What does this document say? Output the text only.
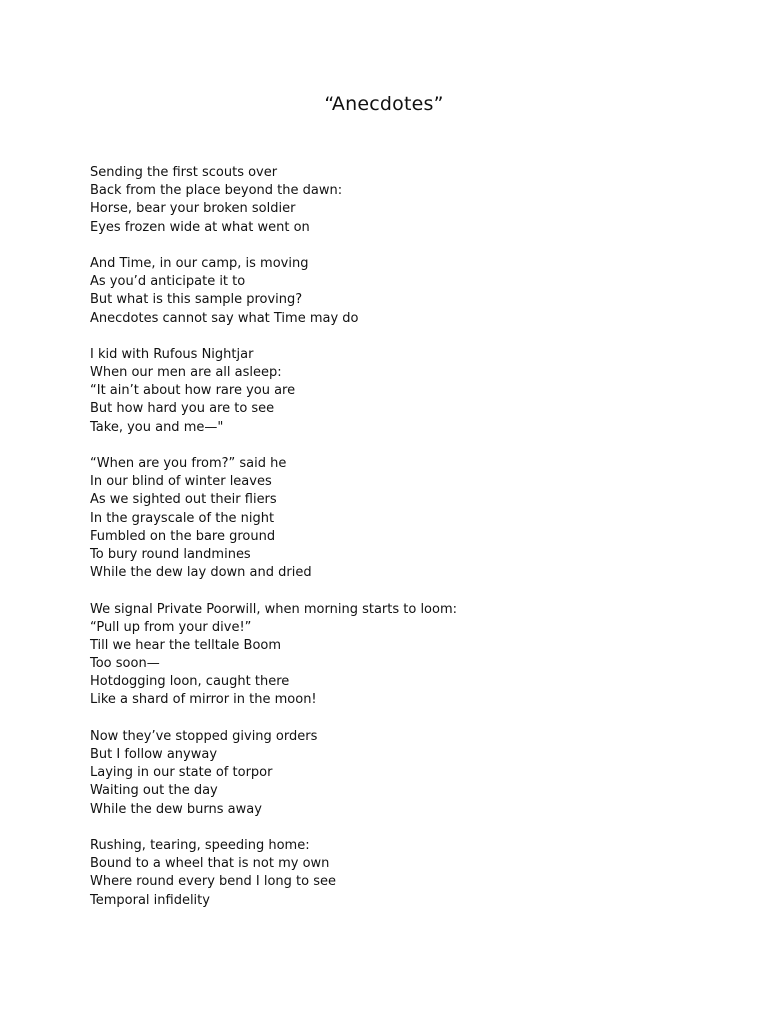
“Anecdotes”
Sending the first scouts over
Back from the place beyond the dawn:
Horse, bear your broken soldier
Eyes frozen wide at what went on
And Time, in our camp, is moving
As you’d anticipate it to
But what is this sample proving?
Anecdotes cannot say what Time may do
I kid with Rufous Nightjar
When our men are all asleep:
“It ain’t about how rare you are
But how hard you are to see
Take, you and me—"
“When are you from?” said he
In our blind of winter leaves
As we sighted out their fliers
In the grayscale of the night
Fumbled on the bare ground
To bury round landmines
While the dew lay down and dried
We signal Private Poorwill, when morning starts to loom:
“Pull up from your dive!”
Till we hear the telltale Boom
Too soon—
Hotdogging loon, caught there
Like a shard of mirror in the moon!
Now they’ve stopped giving orders
But I follow anyway
Laying in our state of torpor
Waiting out the day
While the dew burns away
Rushing, tearing, speeding home:
Bound to a wheel that is not my own
Where round every bend I long to see
Temporal infidelity
